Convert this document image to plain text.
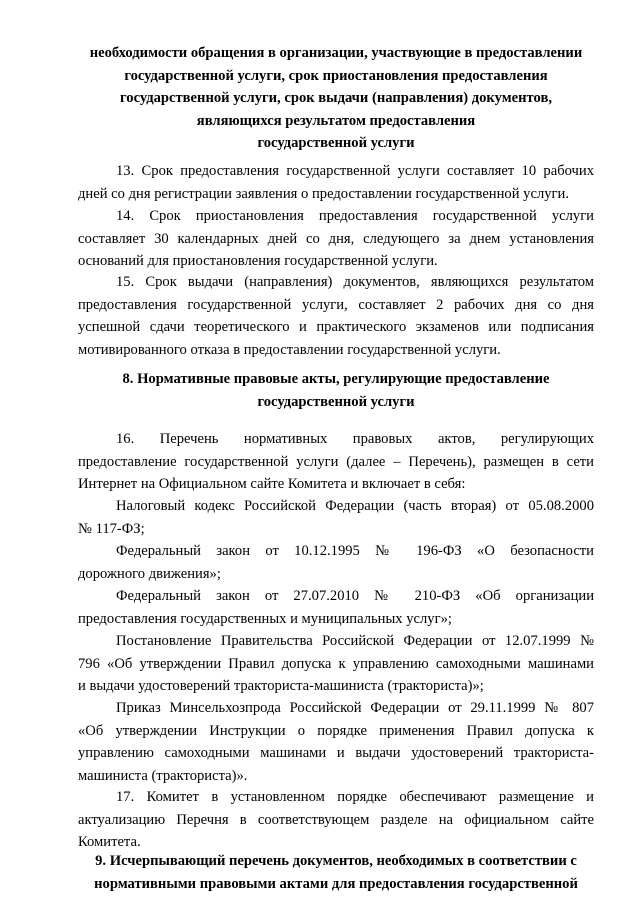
необходимости обращения в организации, участвующие в предоставлении
государственной услуги, срок приостановления предоставления
государственной услуги, срок выдачи (направления) документов,
являющихся результатом предоставления
государственной услуги
13. Срок предоставления государственной услуги составляет 10 рабочих
дней со дня регистрации заявления о предоставлении государственной услуги.
14. Срок приостановления предоставления государственной услуги
составляет 30 календарных дней со дня, следующего за днем установления
оснований для приостановления государственной услуги.
15. Срок выдачи (направления) документов, являющихся результатом
предоставления государственной услуги, составляет 2 рабочих дня со дня
успешной сдачи теоретического и практического экзаменов или подписания
мотивированного отказа в предоставлении государственной услуги.
8. Нормативные правовые акты, регулирующие предоставление
государственной услуги
16. Перечень нормативных правовых актов, регулирующих
предоставление государственной услуги (далее – Перечень), размещен в сети
Интернет на Официальном сайте Комитета и включает в себя:
Налоговый кодекс Российской Федерации (часть вторая) от 05.08.2000
№ 117-ФЗ;
Федеральный закон от 10.12.1995 № 196-ФЗ «О безопасности
дорожного движения»;
Федеральный закон от 27.07.2010 № 210-ФЗ «Об организации
предоставления государственных и муниципальных услуг»;
Постановление Правительства Российской Федерации от 12.07.1999 №
796 «Об утверждении Правил допуска к управлению самоходными машинами
и выдачи удостоверений тракториста-машиниста (тракториста)»;
Приказ Минсельхозпрода Российской Федерации от 29.11.1999 № 807
«Об утверждении Инструкции о порядке применения Правил допуска к
управлению самоходными машинами и выдачи удостоверений тракториста-
машиниста (тракториста)».
17. Комитет в установленном порядке обеспечивают размещение и
актуализацию Перечня в соответствующем разделе на официальном сайте
Комитета.
9. Исчерпывающий перечень документов, необходимых в соответствии с
нормативными правовыми актами для предоставления государственной
